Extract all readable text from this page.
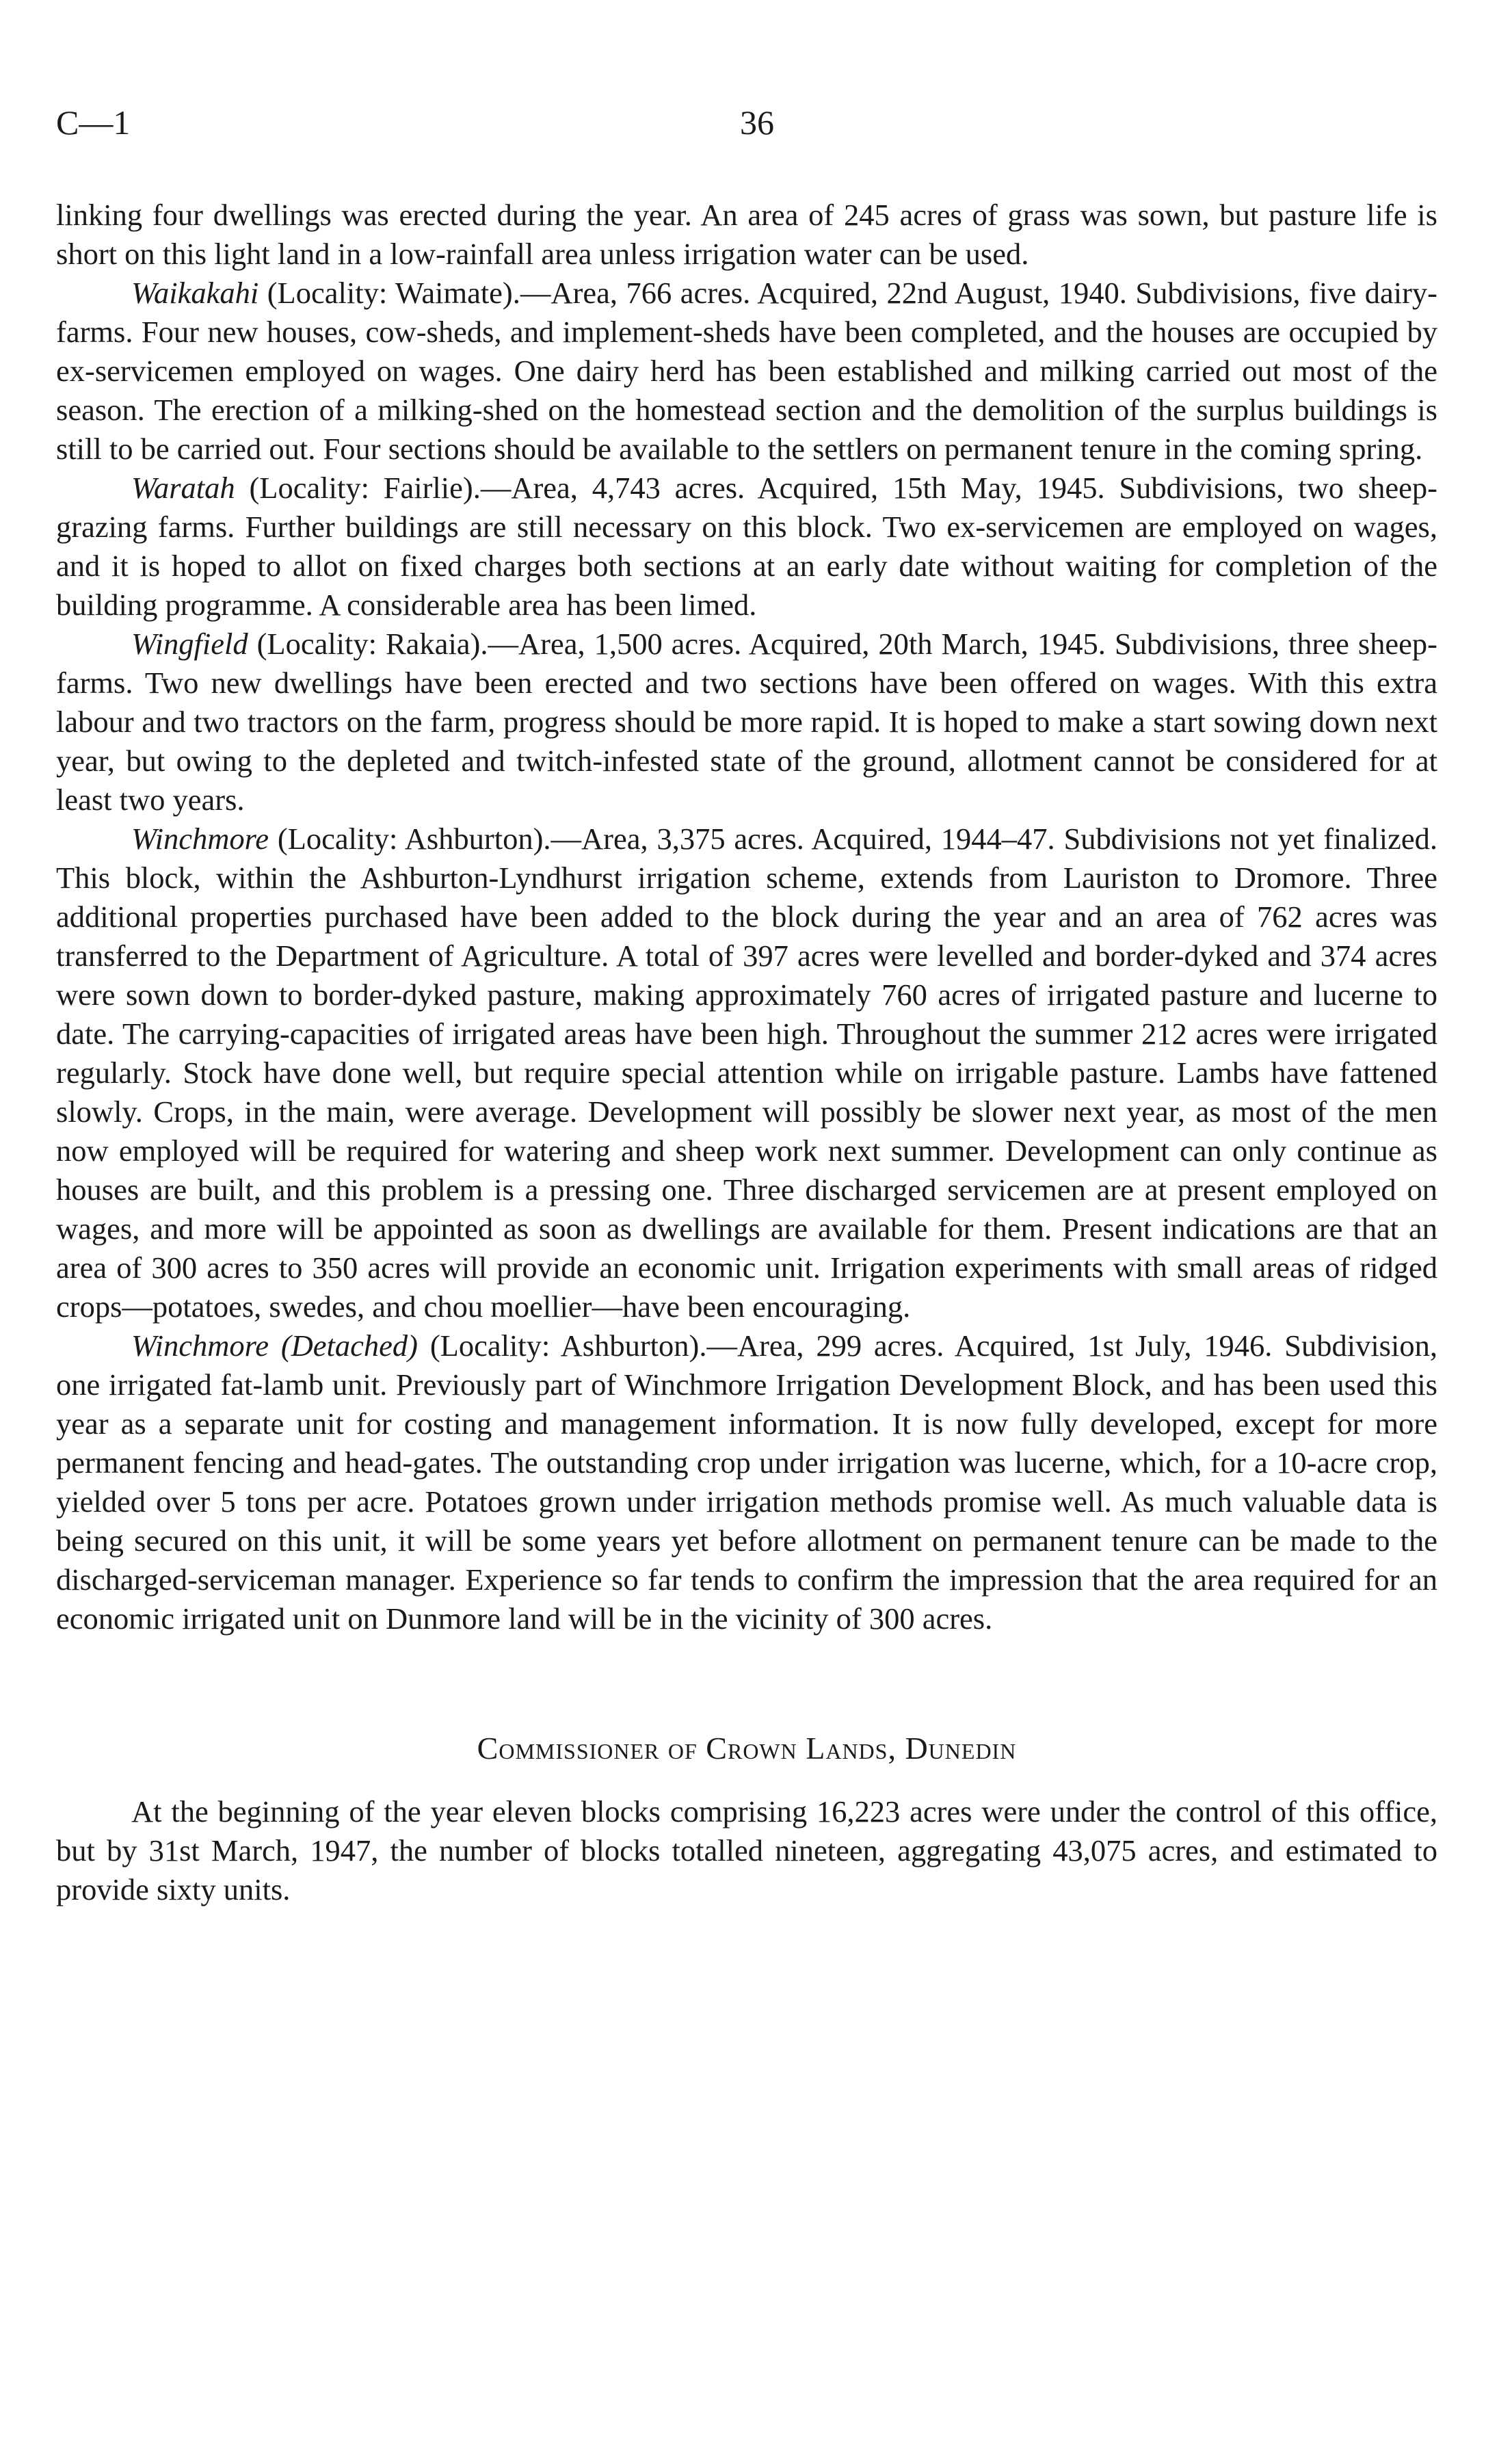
C—1	36

linking four dwellings was erected during the year. An area of 245 acres of grass was sown, but pasture life is short on this light land in a low-rainfall area unless irrigation water can be used.

Waikakahi (Locality: Waimate).—Area, 766 acres. Acquired, 22nd August, 1940. Subdivisions, five dairy-farms. Four new houses, cow-sheds, and implement-sheds have been completed, and the houses are occupied by ex-servicemen employed on wages. One dairy herd has been established and milking carried out most of the season. The erection of a milking-shed on the homestead section and the demolition of the surplus buildings is still to be carried out. Four sections should be available to the settlers on permanent tenure in the coming spring.

Waratah (Locality: Fairlie).—Area, 4,743 acres. Acquired, 15th May, 1945. Subdivisions, two sheep-grazing farms. Further buildings are still necessary on this block. Two ex-servicemen are employed on wages, and it is hoped to allot on fixed charges both sections at an early date without waiting for completion of the building programme. A considerable area has been limed.

Wingfield (Locality: Rakaia).—Area, 1,500 acres. Acquired, 20th March, 1945. Subdivisions, three sheep-farms. Two new dwellings have been erected and two sections have been offered on wages. With this extra labour and two tractors on the farm, progress should be more rapid. It is hoped to make a start sowing down next year, but owing to the depleted and twitch-infested state of the ground, allotment cannot be considered for at least two years.

Winchmore (Locality: Ashburton).—Area, 3,375 acres. Acquired, 1944–47. Subdivisions not yet finalized. This block, within the Ashburton-Lyndhurst irrigation scheme, extends from Lauriston to Dromore. Three additional properties purchased have been added to the block during the year and an area of 762 acres was transferred to the Department of Agriculture. A total of 397 acres were levelled and border-dyked and 374 acres were sown down to border-dyked pasture, making approximately 760 acres of irrigated pasture and lucerne to date. The carrying-capacities of irrigated areas have been high. Throughout the summer 212 acres were irrigated regularly. Stock have done well, but require special attention while on irrigable pasture. Lambs have fattened slowly. Crops, in the main, were average. Development will possibly be slower next year, as most of the men now employed will be required for watering and sheep work next summer. Development can only continue as houses are built, and this problem is a pressing one. Three discharged servicemen are at present employed on wages, and more will be appointed as soon as dwellings are available for them. Present indications are that an area of 300 acres to 350 acres will provide an economic unit. Irrigation experiments with small areas of ridged crops—potatoes, swedes, and chou moellier—have been encouraging.

Winchmore (Detached) (Locality: Ashburton).—Area, 299 acres. Acquired, 1st July, 1946. Subdivision, one irrigated fat-lamb unit. Previously part of Winchmore Irrigation Development Block, and has been used this year as a separate unit for costing and management information. It is now fully developed, except for more permanent fencing and head-gates. The outstanding crop under irrigation was lucerne, which, for a 10-acre crop, yielded over 5 tons per acre. Potatoes grown under irrigation methods promise well. As much valuable data is being secured on this unit, it will be some years yet before allotment on permanent tenure can be made to the discharged-serviceman manager. Experience so far tends to confirm the impression that the area required for an economic irrigated unit on Dunmore land will be in the vicinity of 300 acres.

Commissioner of Crown Lands, Dunedin

At the beginning of the year eleven blocks comprising 16,223 acres were under the control of this office, but by 31st March, 1947, the number of blocks totalled nineteen, aggregating 43,075 acres, and estimated to provide sixty units.
